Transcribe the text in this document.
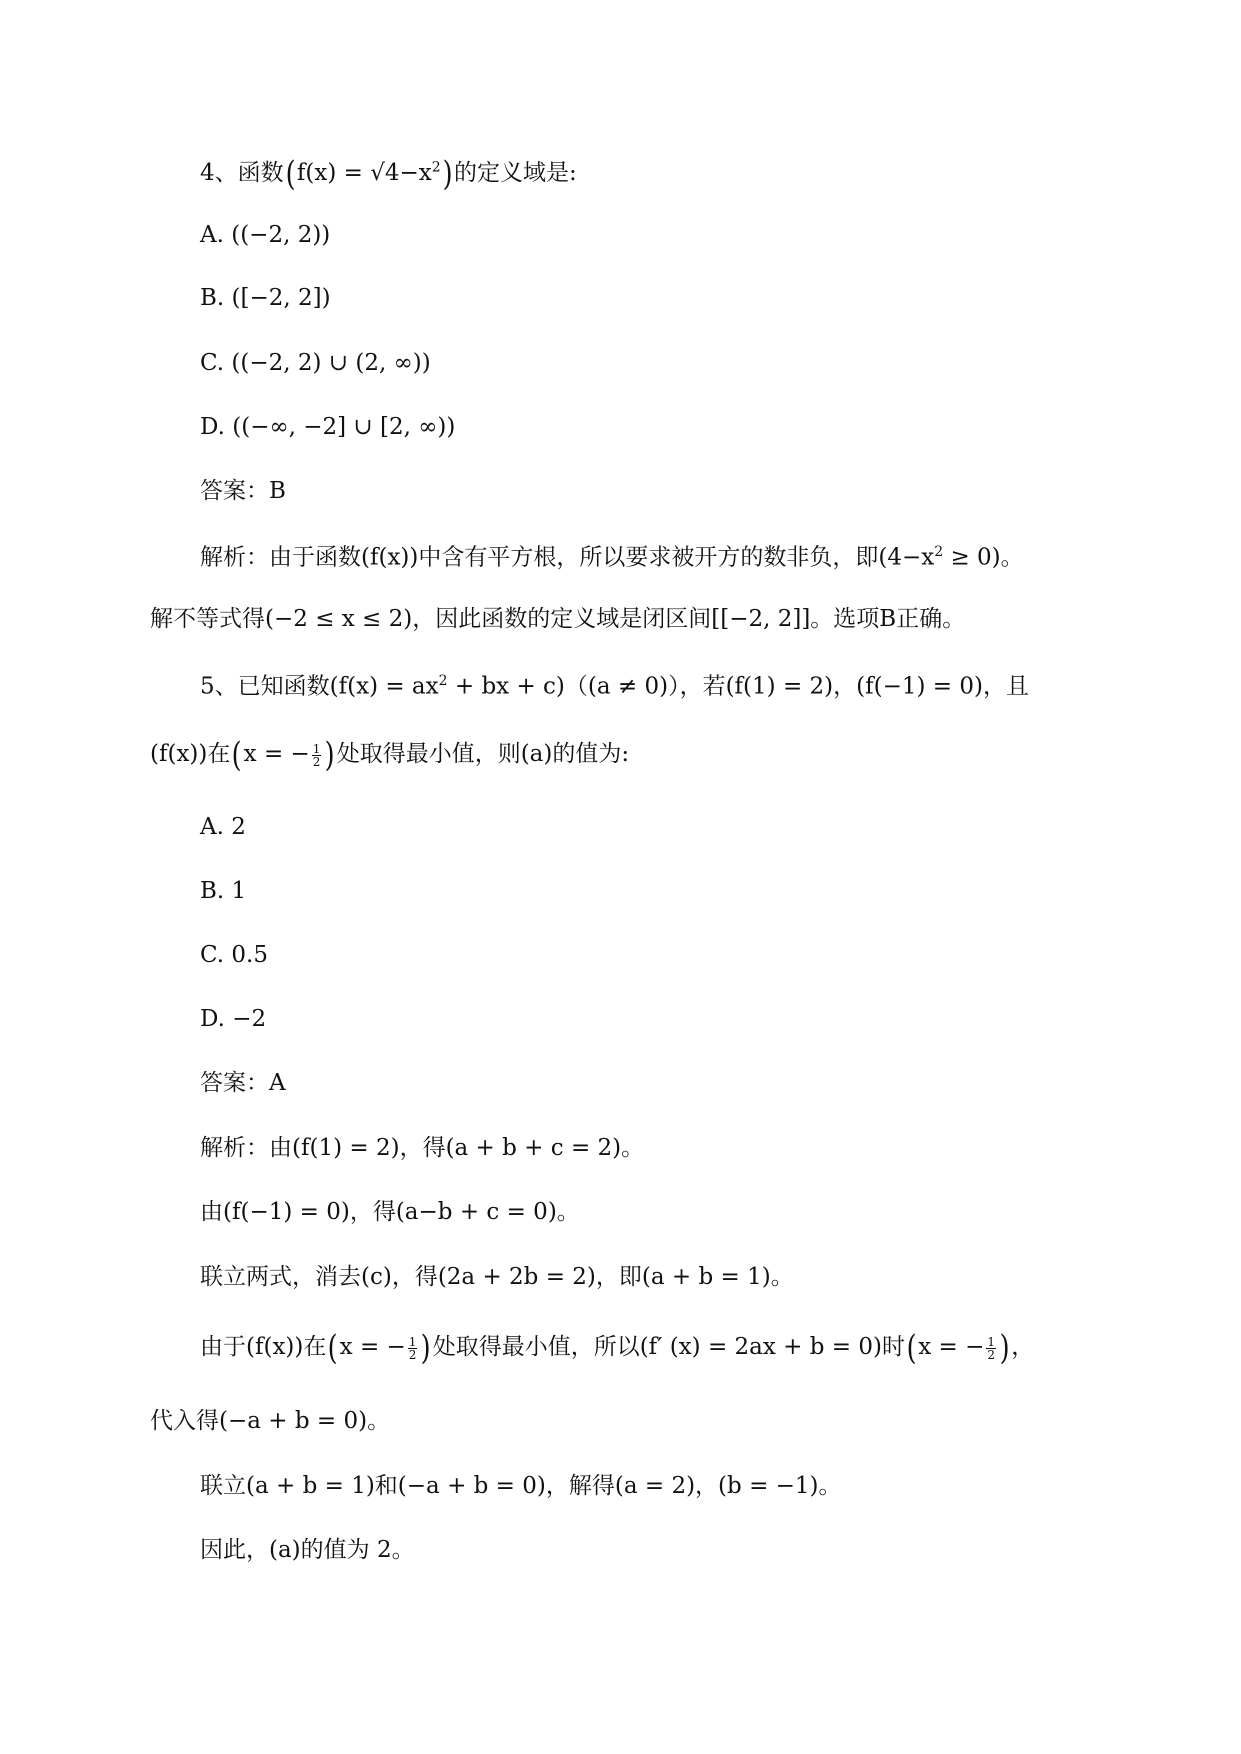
4、函数$(f(x) = √4-x^2)$的定义域是:
A. ((−2, 2))
B. ([−2, 2])
C. ((−2, 2) ∪ (2, ∞))
D. ((−∞, −2] ∪ [2, ∞))
答案：B
解析：由于函数(f(x))中含有平方根，所以要求被开方的数非负，即$(4-x^2 \ge 0)$。
解不等式得(−2 ≤ x ≤ 2)，因此函数的定义域是闭区间[[−2, 2]]。选项B正确。
5、已知函数($f(x) = ax^2$ + bx + c)（(a ≠ 0)），若(f(1) = 2)，(f(−1) = 0)，且
(f(x))在(x = − $\frac{1}{2}$ )处取得最小值，则(a)的值为:
A. 2
B. 1
C. 0.5
D. −2
答案：A
解析：由(f(1) = 2)，得(a + b + c = 2)。
由(f(−1) = 0)，得(a−b + c = 0)。
联立两式，消去(c)，得(2a + 2b = 2)，即(a + b = 1)。
由于(f(x))在(x = − $\frac{1}{2}$ )处取得最小值，所以(f′ (x) = 2ax + b = 0)时(x = − $\frac{1}{2}$ )，
代入得(−a + b = 0)。
联立(a + b = 1)和(−a + b = 0)，解得(a = 2)，(b = −1)。
因此，(a)的值为 2。
